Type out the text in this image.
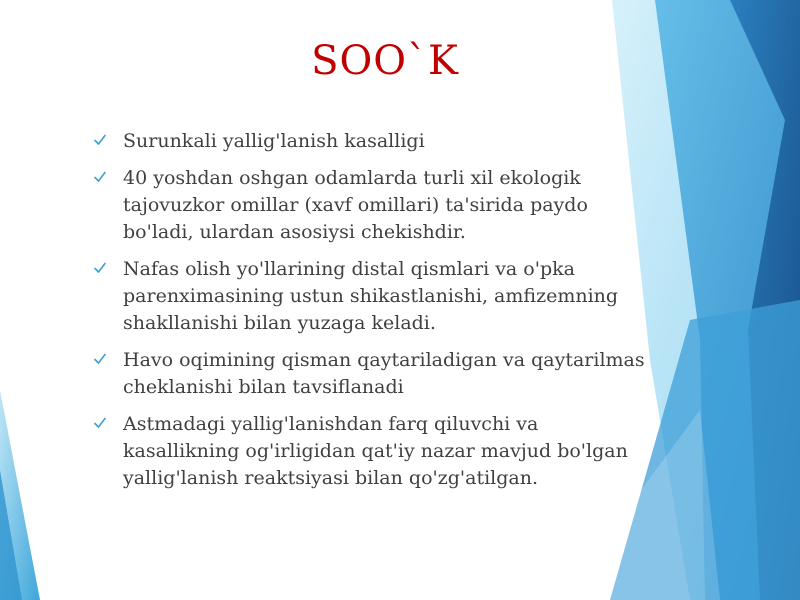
SOO`K
Surunkali yallig'lanish kasalligi
40 yoshdan oshgan odamlarda turli xil ekologik tajovuzkor omillar (xavf omillari) ta'sirida paydo bo'ladi, ulardan asosiysi chekishdir.
Nafas olish yo'llarining distal qismlari va o'pka parenximasining ustun shikastlanishi, amfizemning shakllanishi bilan yuzaga keladi.
Havo oqimining qisman qaytariladigan va qaytarilmas cheklanishi bilan tavsiflanadi
Astmadagi yallig'lanishdan farq qiluvchi va kasallikning og'irligidan qat'iy nazar mavjud bo'lgan yallig'lanish reaktsiyasi bilan qo'zg'atilgan.
